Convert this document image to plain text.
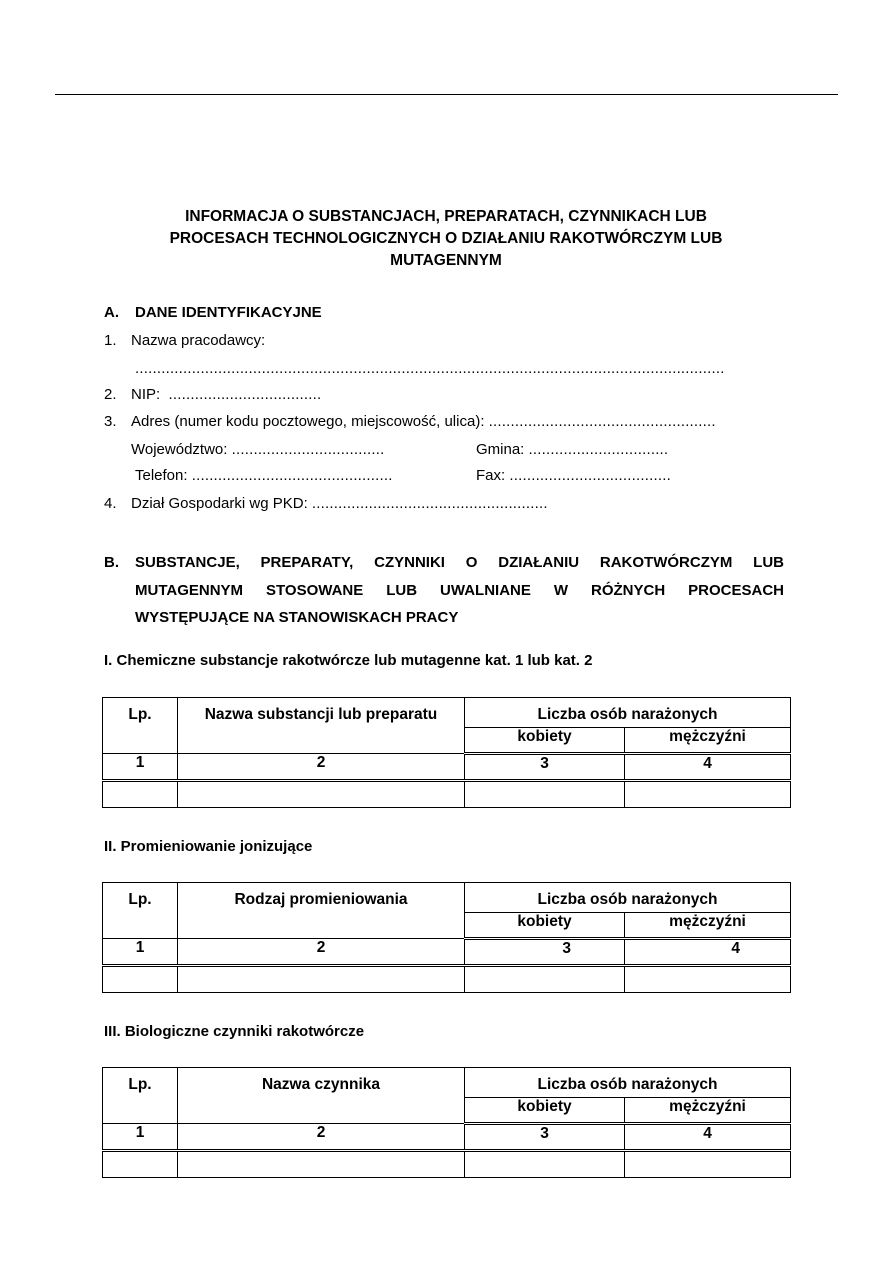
INFORMACJA O SUBSTANCJACH, PREPARATACH, CZYNNIKACH LUB
PROCESACH TECHNOLOGICZNYCH O DZIAŁANIU RAKOTWÓRCZYM LUB
MUTAGENNYM
A. DANE IDENTYFIKACYJNE
1. Nazwa pracodawcy:
.......................................................................................................................................
2. NIP: ...................................
3. Adres (numer kodu pocztowego, miejscowość, ulica): ....................................................
Województwo: ...................................	Gmina: ................................
Telefon: ..............................................	Fax: .....................................
4. Dział Gospodarki wg PKD: ......................................................
B. SUBSTANCJE, PREPARATY, CZYNNIKI O DZIAŁANIU RAKOTWÓRCZYM LUB MUTAGENNYM STOSOWANE LUB UWALNIANE W RÓŻNYCH PROCESACH WYSTĘPUJĄCE NA STANOWISKACH PRACY
I. Chemiczne substancje rakotwórcze lub mutagenne kat. 1 lub kat. 2
Lp.	Nazwa substancji lub preparatu	Liczba osób narażonych	
		kobiety	mężczyźni
1	2	3	4

II. Promieniowanie jonizujące
Lp.	Rodzaj promieniowania	Liczba osób narażonych	
		kobiety	mężczyźni
1	2	3	4

III. Biologiczne czynniki rakotwórcze
Lp.	Nazwa czynnika	Liczba osób narażonych	
		kobiety	mężczyźni
1	2	3	4
